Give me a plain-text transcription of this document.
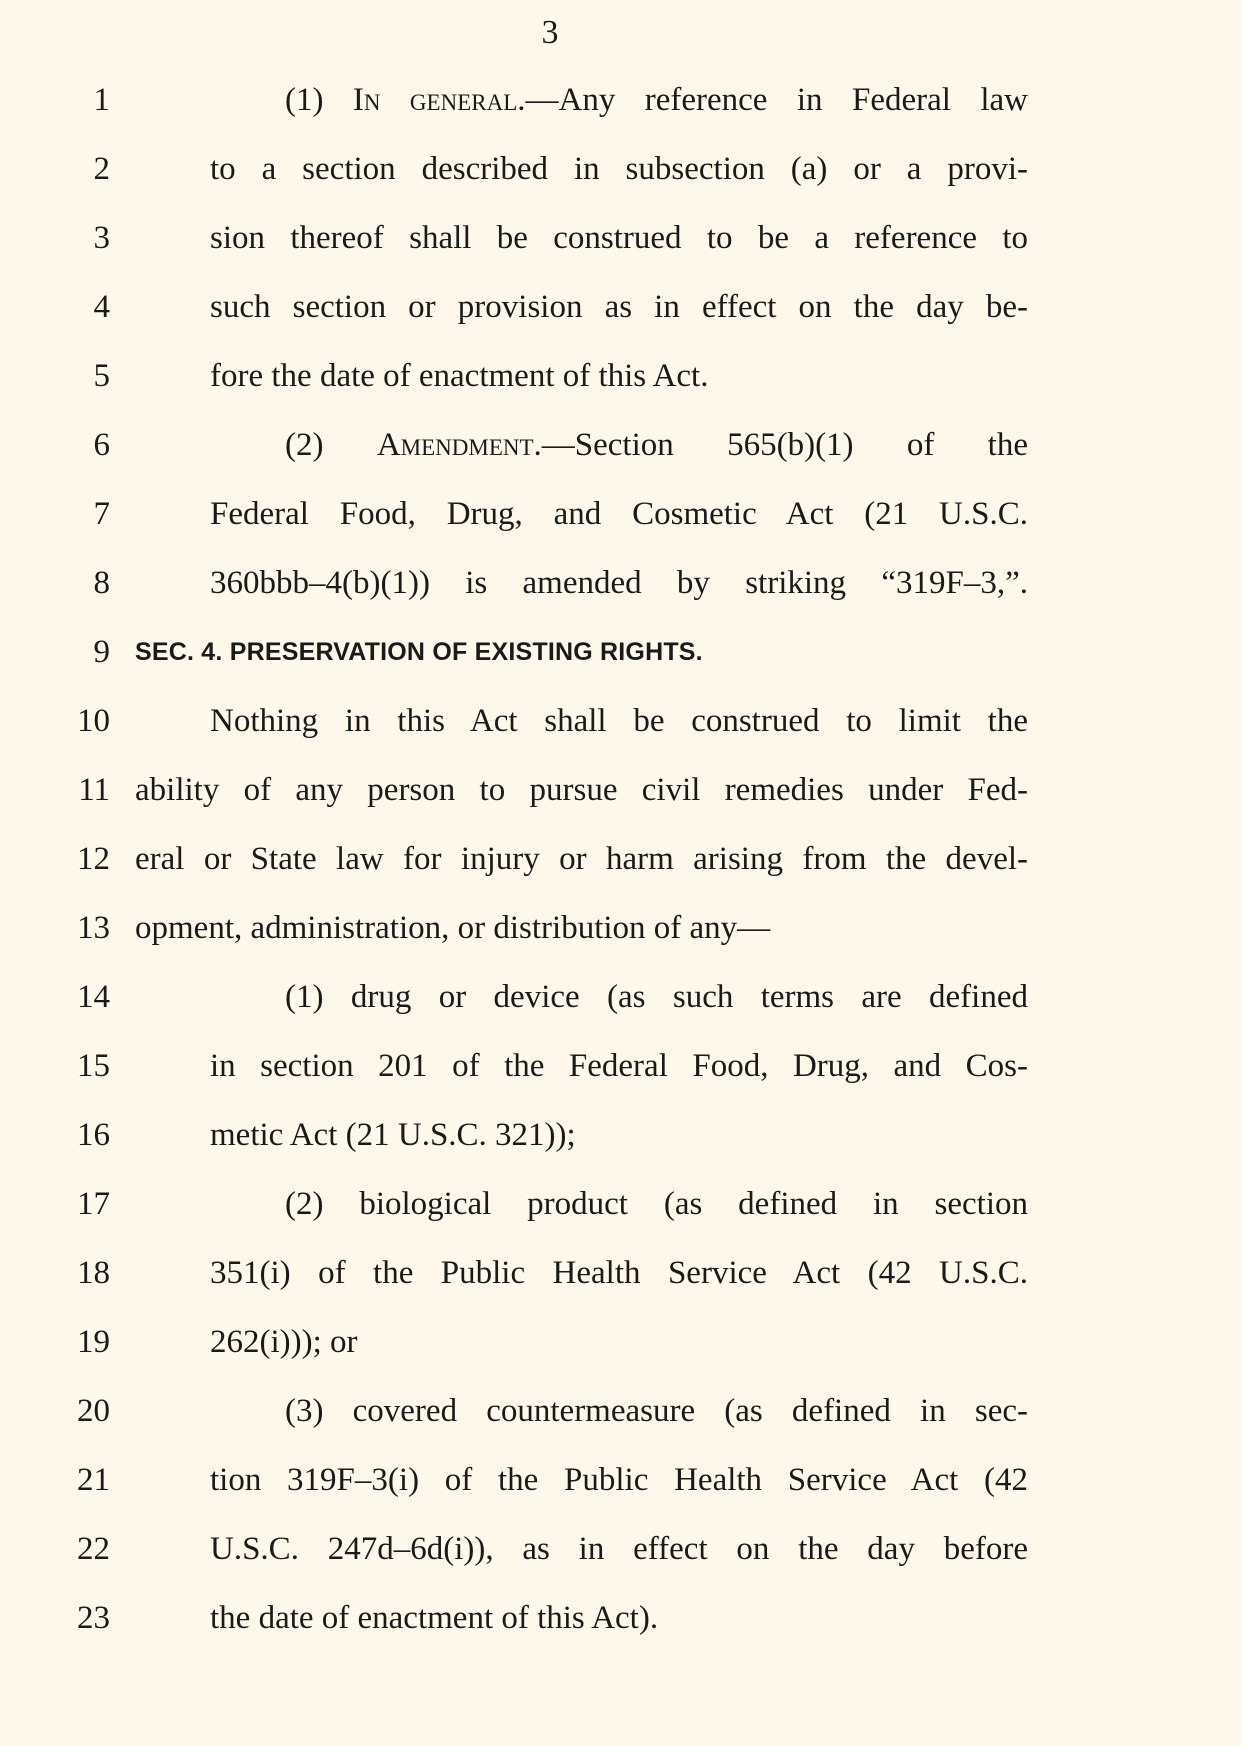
3
1	(1) In general.—Any reference in Federal law
2	to a section described in subsection (a) or a provi-
3	sion thereof shall be construed to be a reference to
4	such section or provision as in effect on the day be-
5	fore the date of enactment of this Act.
6	(2) Amendment.—Section 565(b)(1) of the
7	Federal Food, Drug, and Cosmetic Act (21 U.S.C.
8	360bbb–4(b)(1)) is amended by striking “319F–3,”.
9 SEC. 4. PRESERVATION OF EXISTING RIGHTS.
10	Nothing in this Act shall be construed to limit the
11 ability of any person to pursue civil remedies under Fed-
12 eral or State law for injury or harm arising from the devel-
13 opment, administration, or distribution of any—
14	(1) drug or device (as such terms are defined
15	in section 201 of the Federal Food, Drug, and Cos-
16	metic Act (21 U.S.C. 321));
17	(2) biological product (as defined in section
18	351(i) of the Public Health Service Act (42 U.S.C.
19	262(i))); or
20	(3) covered countermeasure (as defined in sec-
21	tion 319F–3(i) of the Public Health Service Act (42
22	U.S.C. 247d–6d(i)), as in effect on the day before
23	the date of enactment of this Act).
